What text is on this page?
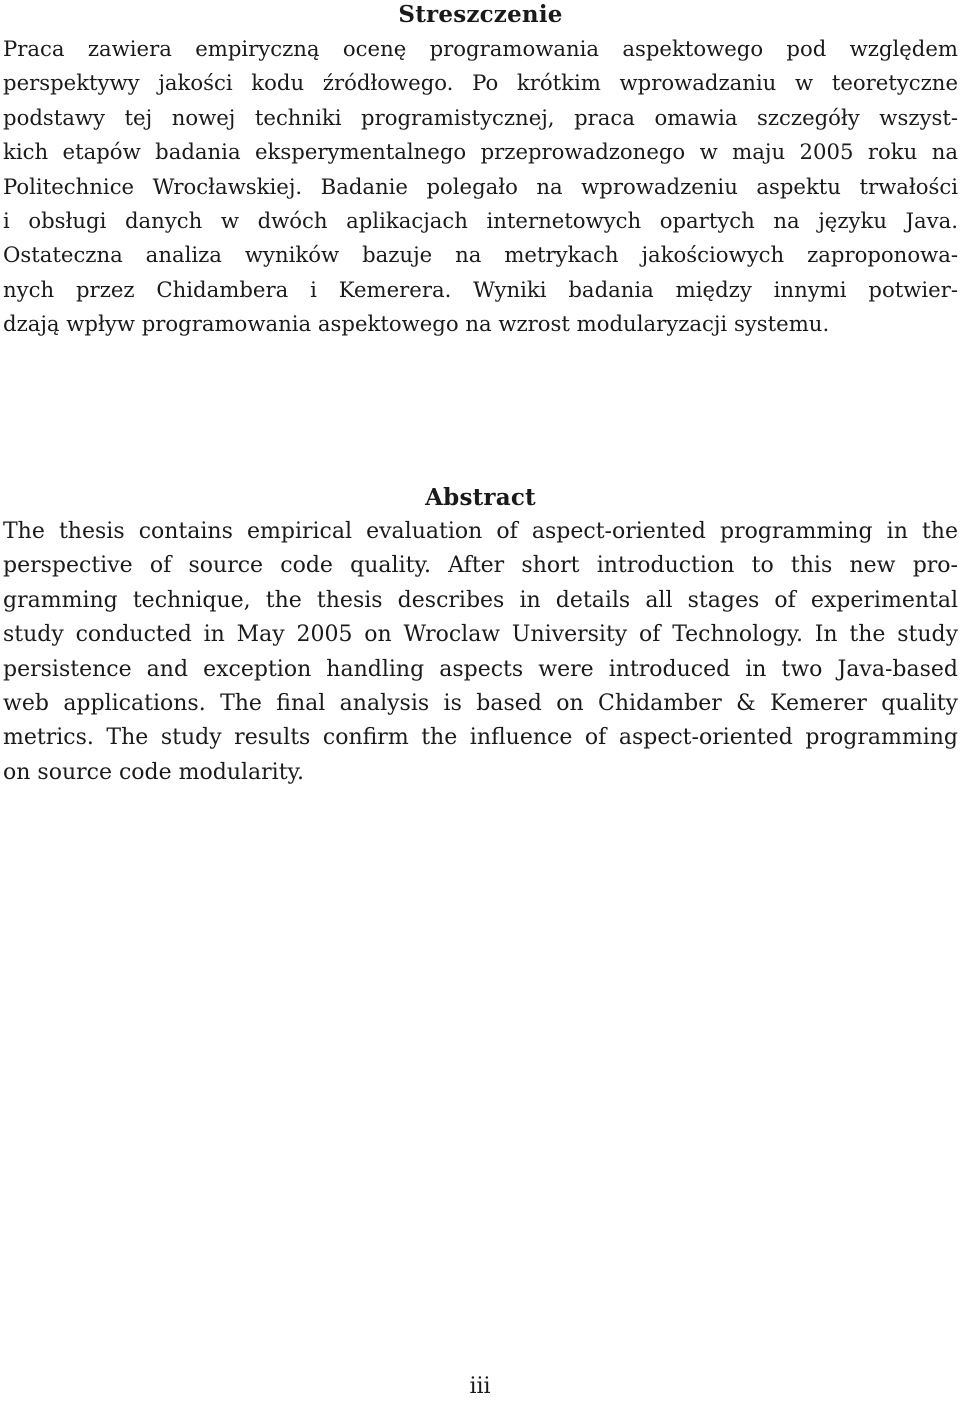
Streszczenie

Praca zawiera empiryczną ocenę programowania aspektowego pod względem
perspektywy jakości kodu źródłowego. Po krótkim wprowadzaniu w teoretyczne
podstawy tej nowej techniki programistycznej, praca omawia szczegóły wszyst-
kich etapów badania eksperymentalnego przeprowadzonego w maju 2005 roku na
Politechnice Wrocławskiej. Badanie polegało na wprowadzeniu aspektu trwałości
i obsługi danych w dwóch aplikacjach internetowych opartych na języku Java.
Ostateczna analiza wyników bazuje na metrykach jakościowych zaproponowa-
nych przez Chidambera i Kemerera. Wyniki badania między innymi potwier-
dzają wpływ programowania aspektowego na wzrost modularyzacji systemu.

Abstract

The thesis contains empirical evaluation of aspect-oriented programming in the
perspective of source code quality. After short introduction to this new pro-
gramming technique, the thesis describes in details all stages of experimental
study conducted in May 2005 on Wroclaw University of Technology. In the study
persistence and exception handling aspects were introduced in two Java-based
web applications. The final analysis is based on Chidamber & Kemerer quality
metrics. The study results confirm the influence of aspect-oriented programming
on source code modularity.

iii
